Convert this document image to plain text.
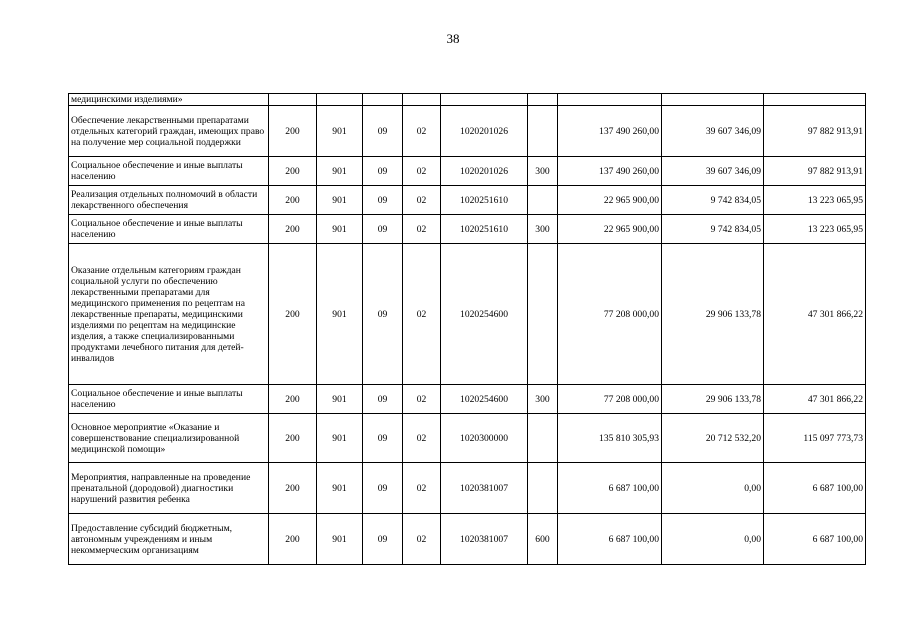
38
медицинскими изделиями»									
Обеспечение лекарственными препаратами отдельных категорий граждан, имеющих право на получение мер социальной поддержки	200	901	09	02	1020201026		137 490 260,00	39 607 346,09	97 882 913,91
Социальное обеспечение и иные выплаты населению	200	901	09	02	1020201026	300	137 490 260,00	39 607 346,09	97 882 913,91
Реализация отдельных полномочий в области лекарственного обеспечения	200	901	09	02	1020251610		22 965 900,00	9 742 834,05	13 223 065,95
Социальное обеспечение и иные выплаты населению	200	901	09	02	1020251610	300	22 965 900,00	9 742 834,05	13 223 065,95
Оказание отдельным категориям граждан социальной услуги по обеспечению лекарственными препаратами для медицинского применения по рецептам на лекарственные препараты, медицинскими изделиями по рецептам на медицинские изделия, а также специализированными продуктами лечебного питания для детей-инвалидов	200	901	09	02	1020254600		77 208 000,00	29 906 133,78	47 301 866,22
Социальное обеспечение и иные выплаты населению	200	901	09	02	1020254600	300	77 208 000,00	29 906 133,78	47 301 866,22
Основное мероприятие «Оказание и совершенствование специализированной медицинской помощи»	200	901	09	02	1020300000		135 810 305,93	20 712 532,20	115 097 773,73
Мероприятия, направленные на проведение пренатальной (дородовой) диагностики нарушений развития ребенка	200	901	09	02	1020381007		6 687 100,00	0,00	6 687 100,00
Предоставление субсидий бюджетным, автономным учреждениям и иным некоммерческим организациям	200	901	09	02	1020381007	600	6 687 100,00	0,00	6 687 100,00
